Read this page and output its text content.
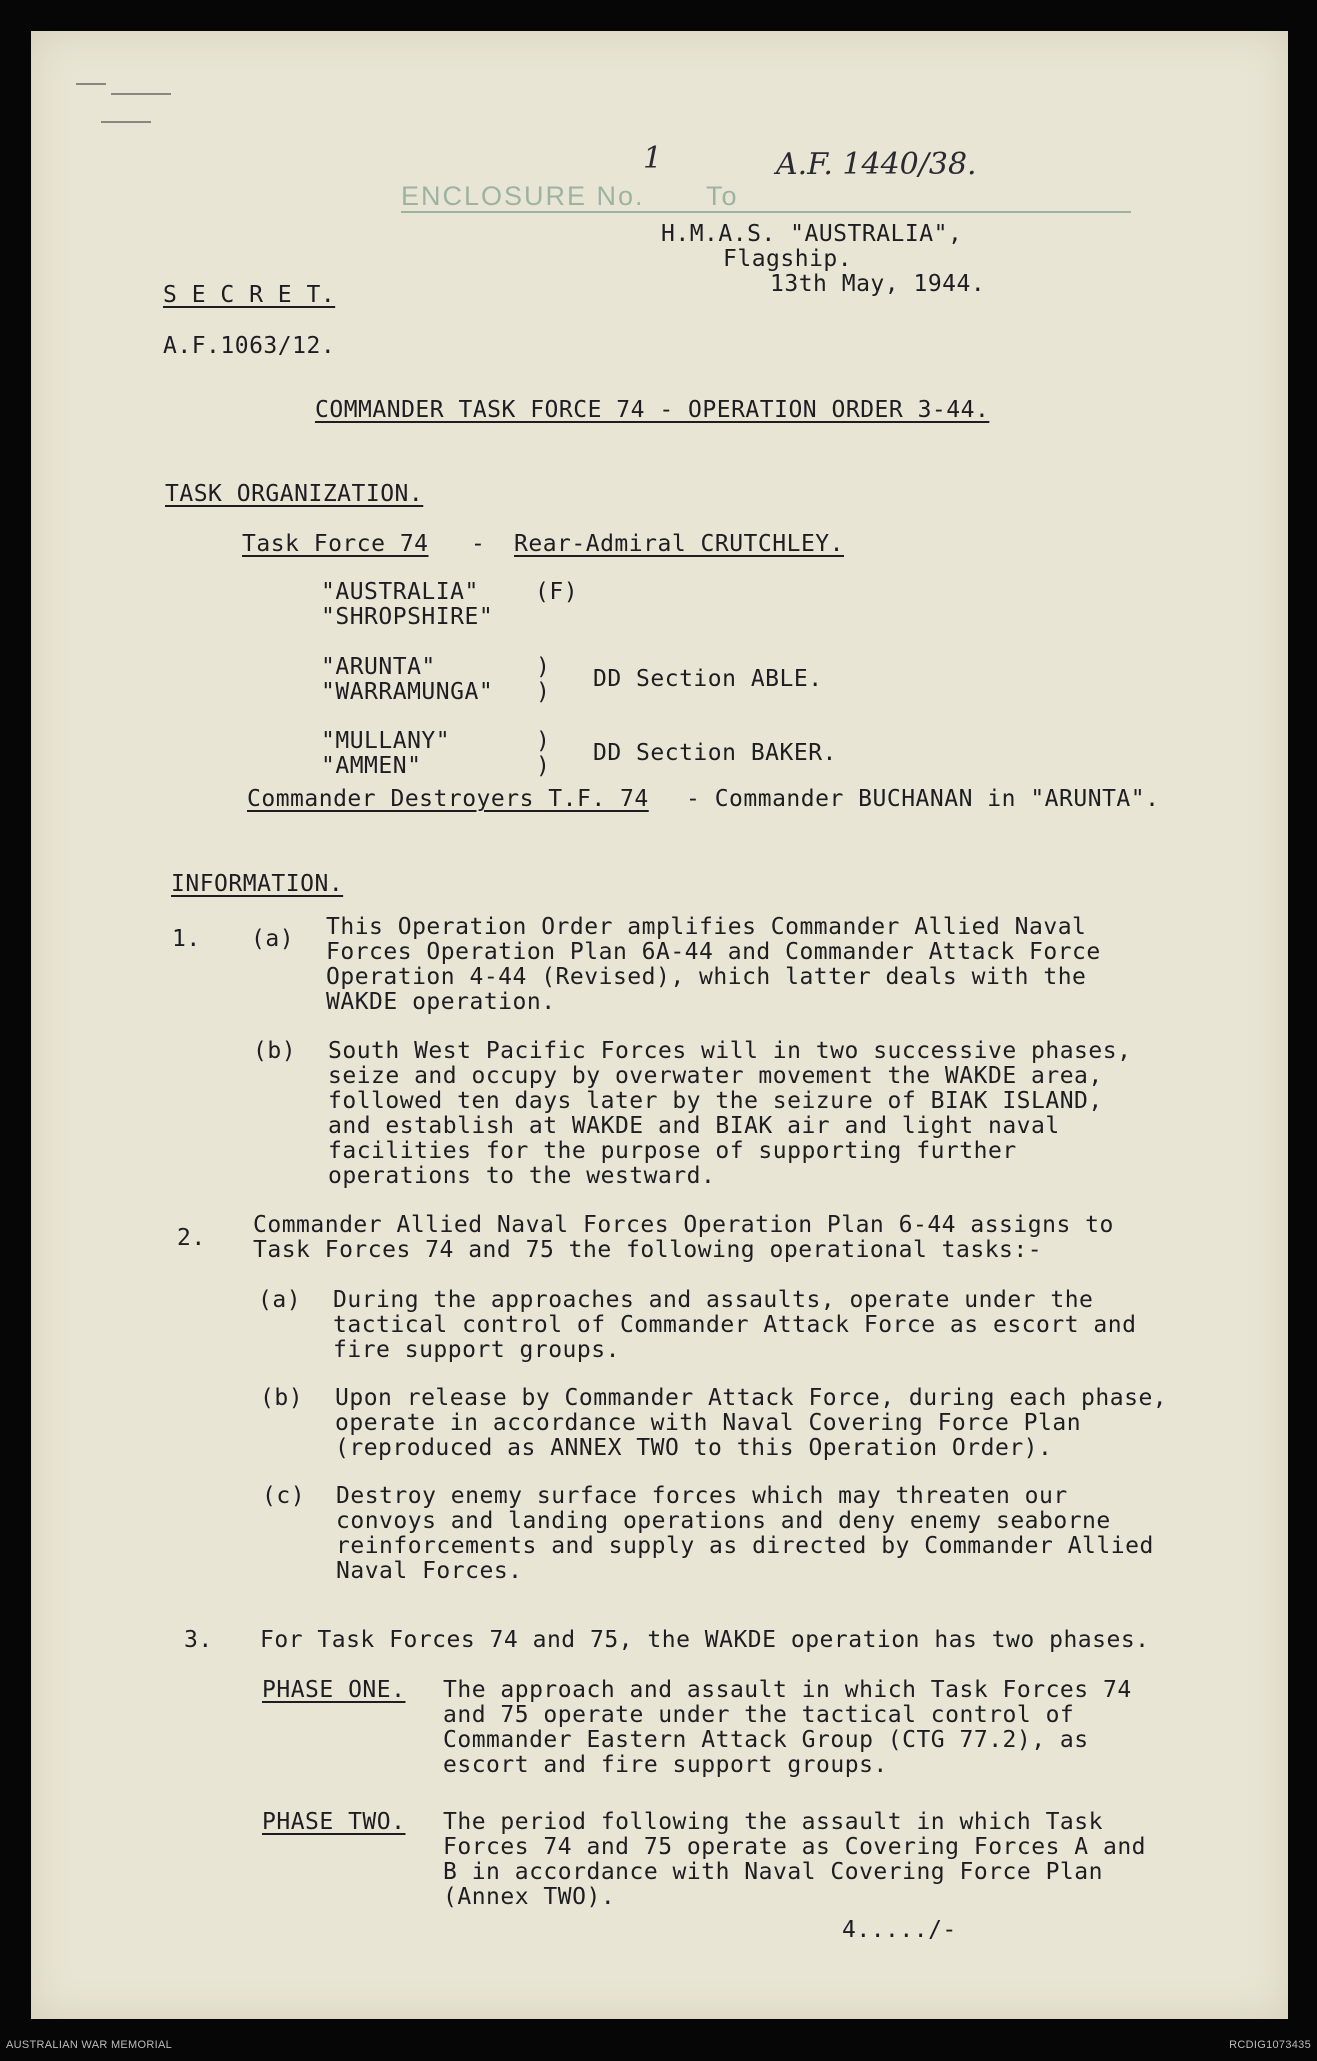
ENCLOSURE No.
1
To
A.F. 1440/38.
H.M.A.S. "AUSTRALIA",
Flagship.
13th May, 1944.
S E C R E T.
A.F.1063/12.
COMMANDER TASK FORCE 74 - OPERATION ORDER 3-44.
TASK ORGANIZATION.
Task Force 74 - Rear-Admiral CRUTCHLEY.
"AUSTRALIA" (F)
"SHROPSHIRE"
"ARUNTA"
"WARRAMUNGA"
)
) DD Section ABLE.
"MULLANY"
"AMMEN"
)
) DD Section BAKER.
Commander Destroyers T.F. 74 - Commander BUCHANAN in "ARUNTA".
INFORMATION.
1. (a) This Operation Order amplifies Commander Allied Naval
Forces Operation Plan 6A-44 and Commander Attack Force
Operation 4-44 (Revised), which latter deals with the
WAKDE operation.
(b) South West Pacific Forces will in two successive phases,
seize and occupy by overwater movement the WAKDE area,
followed ten days later by the seizure of BIAK ISLAND,
and establish at WAKDE and BIAK air and light naval
facilities for the purpose of supporting further
operations to the westward.
2. Commander Allied Naval Forces Operation Plan 6-44 assigns to
Task Forces 74 and 75 the following operational tasks:-
(a) During the approaches and assaults, operate under the
tactical control of Commander Attack Force as escort and
fire support groups.
(b) Upon release by Commander Attack Force, during each phase,
operate in accordance with Naval Covering Force Plan
(reproduced as ANNEX TWO to this Operation Order).
(c) Destroy enemy surface forces which may threaten our
convoys and landing operations and deny enemy seaborne
reinforcements and supply as directed by Commander Allied
Naval Forces.
3. For Task Forces 74 and 75, the WAKDE operation has two phases.
PHASE ONE. The approach and assault in which Task Forces 74
and 75 operate under the tactical control of
Commander Eastern Attack Group (CTG 77.2), as
escort and fire support groups.
PHASE TWO. The period following the assault in which Task
Forces 74 and 75 operate as Covering Forces A and
B in accordance with Naval Covering Force Plan
(Annex TWO).
4...../-
AUSTRALIAN WAR MEMORIAL	RCDIG1073435
